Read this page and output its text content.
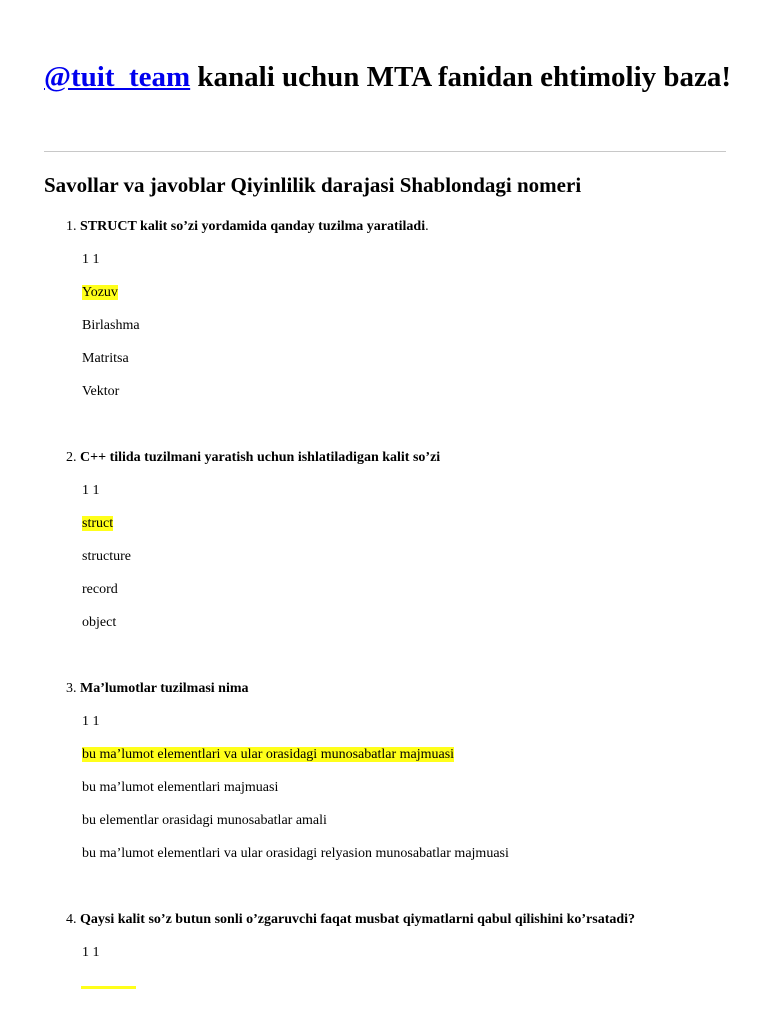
@tuit_team kanali uchun MTA fanidan ehtimoliy baza!
Savollar va javoblar Qiyinlilik darajasi Shablondagi nomeri
1. STRUCT kalit so’zi yordamida qanday tuzilma yaratiladi.
1 1
Yozuv
Birlashma
Matritsa
Vektor
2. C++ tilida tuzilmani yaratish uchun ishlatiladigan kalit so’zi
1 1
struct
structure
record
object
3. Ma’lumotlar tuzilmasi nima
1 1
bu ma’lumot elementlari va ular orasidagi munosabatlar majmuasi
bu ma’lumot elementlari majmuasi
bu elementlar orasidagi munosabatlar amali
bu ma’lumot elementlari va ular orasidagi relyasion munosabatlar majmuasi
4. Qaysi kalit so’z butun sonli o’zgaruvchi faqat musbat qiymatlarni qabul qilishini ko’rsatadi?
1 1
